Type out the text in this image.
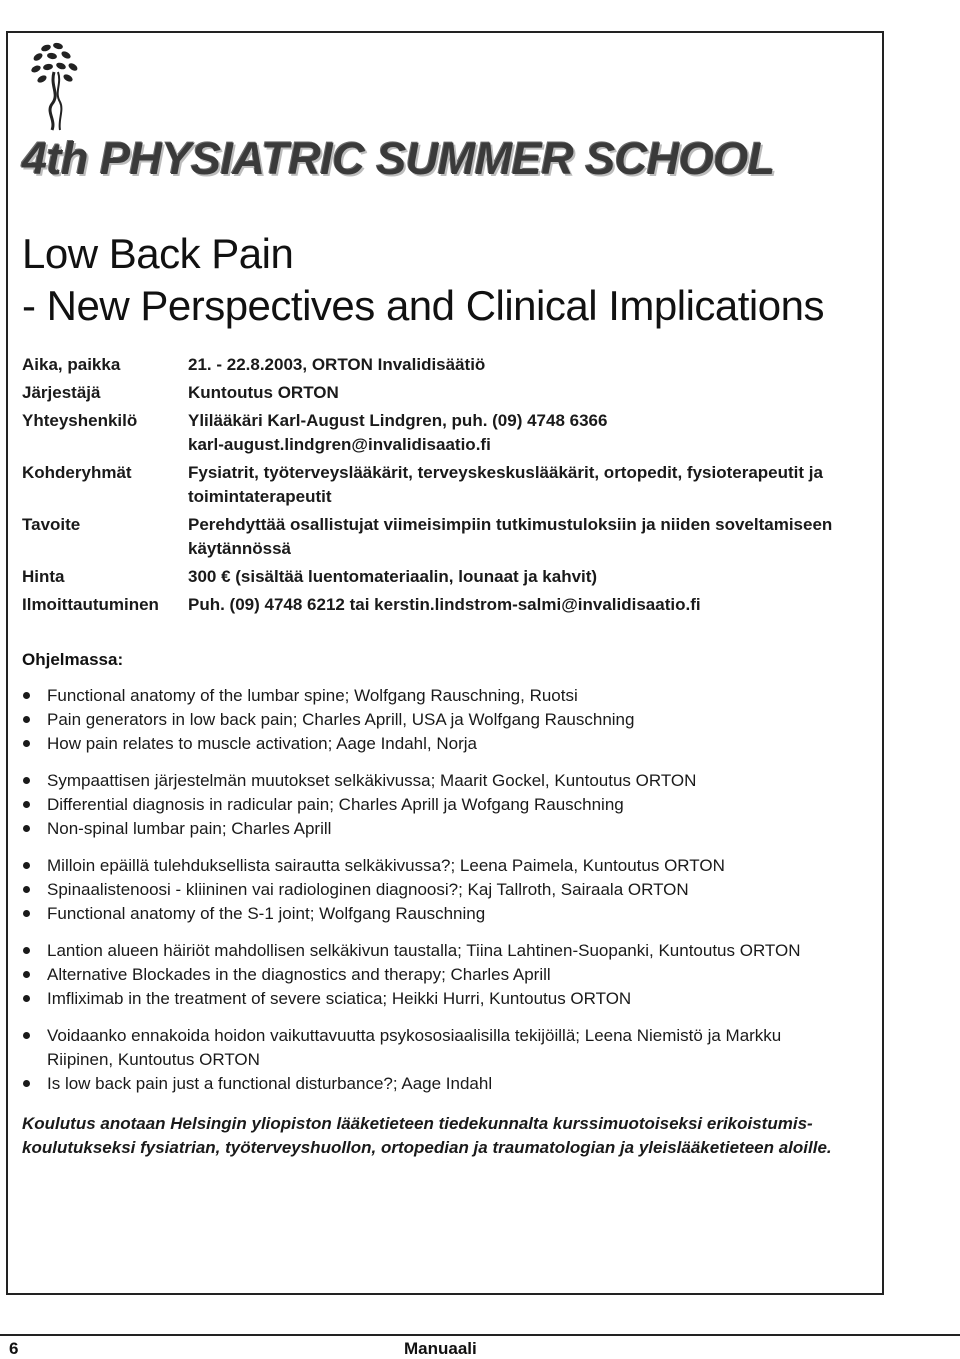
4th PHYSIATRIC SUMMER SCHOOL
Low Back Pain
- New Perspectives and Clinical Implications
Aika, paikka	21. - 22.8.2003, ORTON Invalidisäätiö
Järjestäjä	Kuntoutus ORTON
Yhteyshenkilö	Ylilääkäri Karl-August Lindgren, puh. (09) 4748 6366
karl-august.lindgren@invalidisaatio.fi
Kohderyhmät	Fysiatrit, työterveyslääkärit, terveyskeskuslääkärit, ortopedit, fysioterapeutit ja
toimintaterapeutit
Tavoite	Perehdyttää osallistujat viimeisimpiin tutkimustuloksiin ja niiden soveltamiseen
käytännössä
Hinta	300 € (sisältää luentomateriaalin, lounaat ja kahvit)
Ilmoittautuminen	Puh. (09) 4748 6212 tai kerstin.lindstrom-salmi@invalidisaatio.fi

Ohjelmassa:

Functional anatomy of the lumbar spine; Wolfgang Rauschning, Ruotsi
Pain generators in low back pain; Charles Aprill, USA ja Wolfgang Rauschning
How pain relates to muscle activation; Aage Indahl, Norja
Sympaattisen järjestelmän muutokset selkäkivussa; Maarit Gockel, Kuntoutus ORTON
Differential diagnosis in radicular pain; Charles Aprill ja Wofgang Rauschning
Non-spinal lumbar pain; Charles Aprill
Milloin epäillä tulehduksellista sairautta selkäkivussa?; Leena Paimela, Kuntoutus ORTON
Spinaalistenoosi - kliininen vai radiologinen diagnoosi?; Kaj Tallroth, Sairaala ORTON
Functional anatomy of the S-1 joint; Wolfgang Rauschning
Lantion alueen häiriöt mahdollisen selkäkivun taustalla; Tiina Lahtinen-Suopanki, Kuntoutus ORTON
Alternative Blockades in the diagnostics and therapy; Charles Aprill
Imfliximab in the treatment of severe sciatica; Heikki Hurri, Kuntoutus ORTON
Voidaanko ennakoida hoidon vaikuttavuutta psykososiaalisilla tekijöillä; Leena Niemistö ja Markku Riipinen, Kuntoutus ORTON
Is low back pain just a functional disturbance?; Aage Indahl

Koulutus anotaan Helsingin yliopiston lääketieteen tiedekunnalta kurssimuotoiseksi erikoistumis-koulutukseksi fysiatrian, työterveyshuollon, ortopedian ja traumatologian ja yleislääketieteen aloille.

6	Manuaali
